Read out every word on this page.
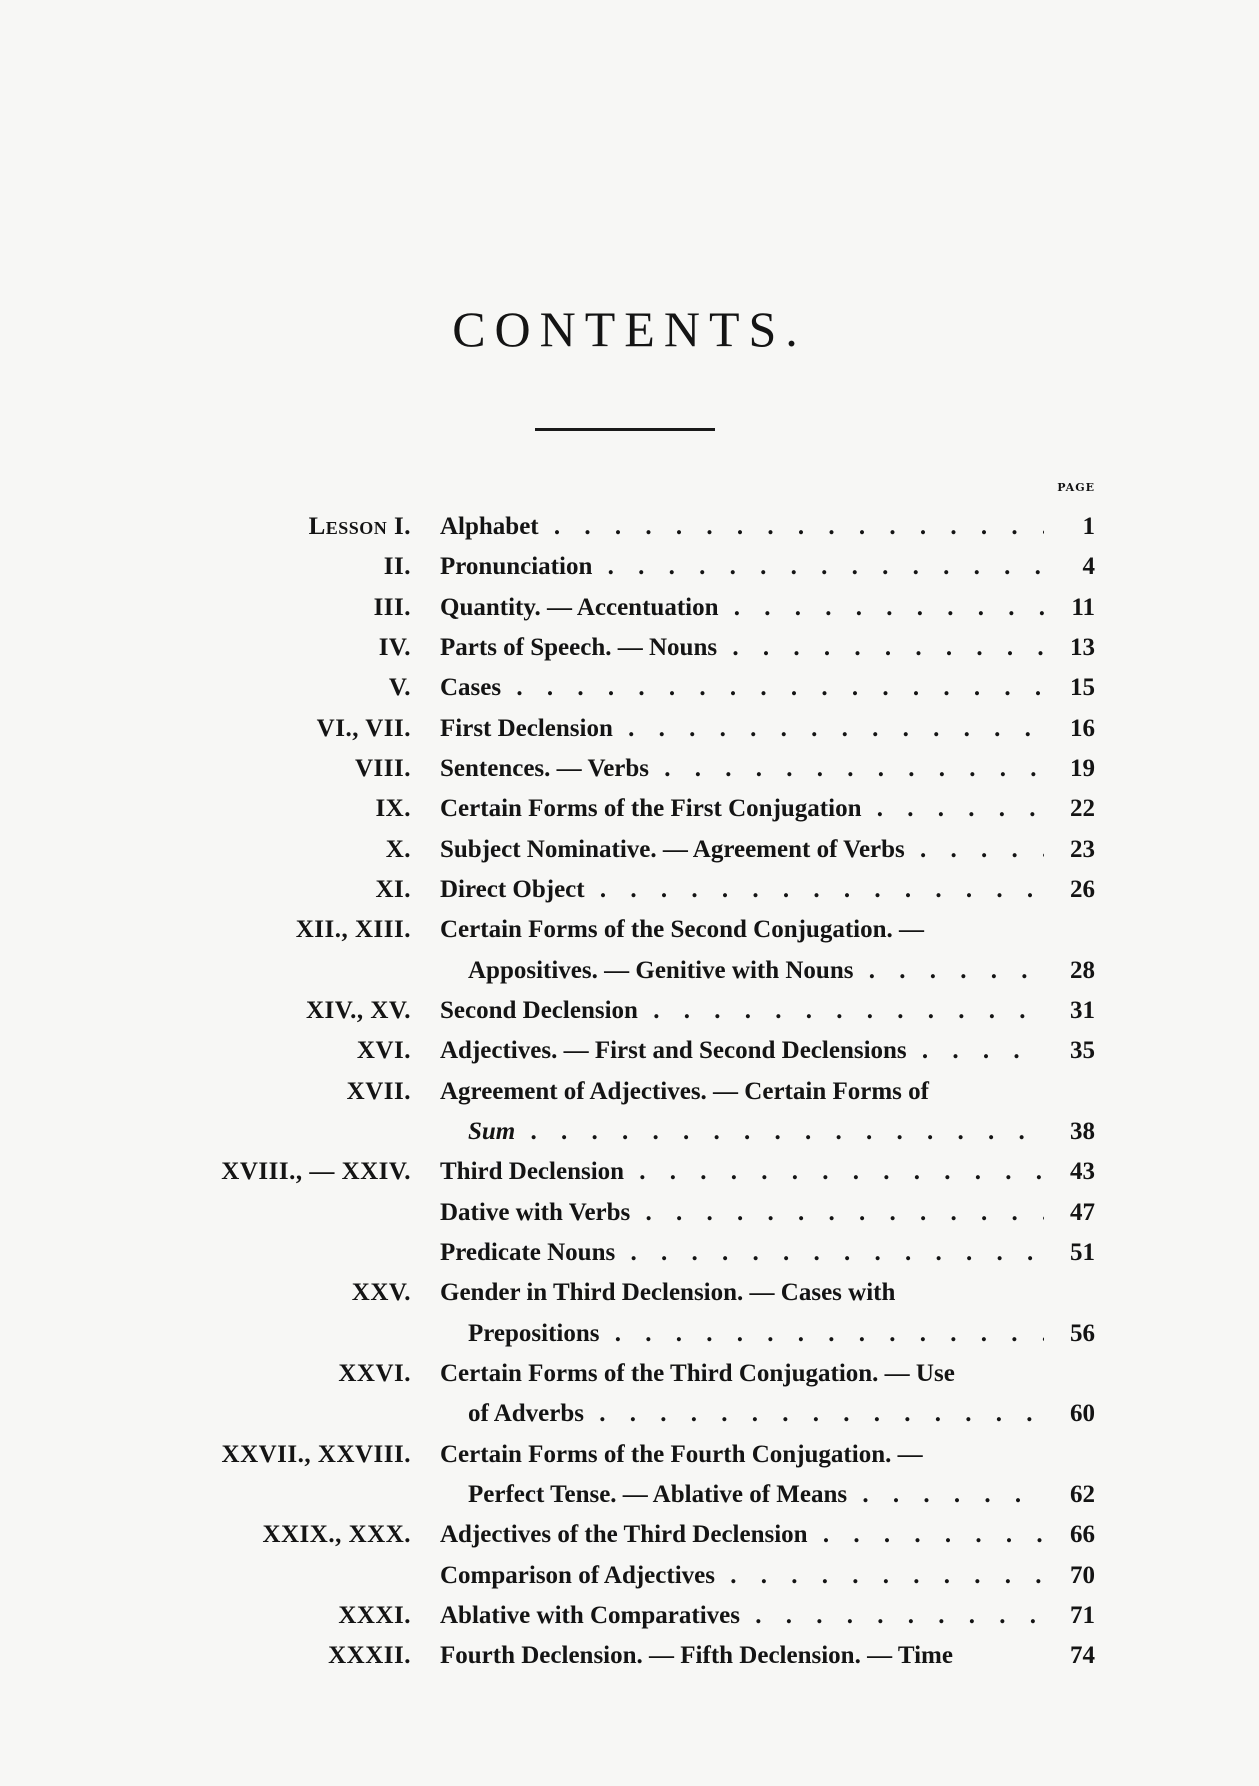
CONTENTS.
PAGE
Lesson I. Alphabet . . .	1
II. Pronunciation . . .	4
III. Quantity. — Accentuation . . .	11
IV. Parts of Speech. — Nouns . . .	13
V. Cases . . .	15
VI., VII. First Declension . . .	16
VIII. Sentences. — Verbs . . .	19
IX. Certain Forms of the First Conjugation . . .	22
X. Subject Nominative. — Agreement of Verbs . . .	23
XI. Direct Object . . .	26
XII., XIII. Certain Forms of the Second Conjugation. —
Appositives. — Genitive with Nouns . . .	28
XIV., XV. Second Declension . . .	31
XVI. Adjectives. — First and Second Declensions . . .	35
XVII. Agreement of Adjectives. — Certain Forms of
Sum . . .	38
XVIII., — XXIV. Third Declension . . .	43
Dative with Verbs . . .	47
Predicate Nouns . . .	51
XXV. Gender in Third Declension. — Cases with
Prepositions . . .	56
XXVI. Certain Forms of the Third Conjugation. — Use
of Adverbs . . .	60
XXVII., XXVIII. Certain Forms of the Fourth Conjugation. —
Perfect Tense. — Ablative of Means . . .	62
XXIX., XXX. Adjectives of the Third Declension . . .	66
Comparison of Adjectives . . .	70
XXXI. Ablative with Comparatives . . .	71
XXXII. Fourth Declension. — Fifth Declension. — Time	74
